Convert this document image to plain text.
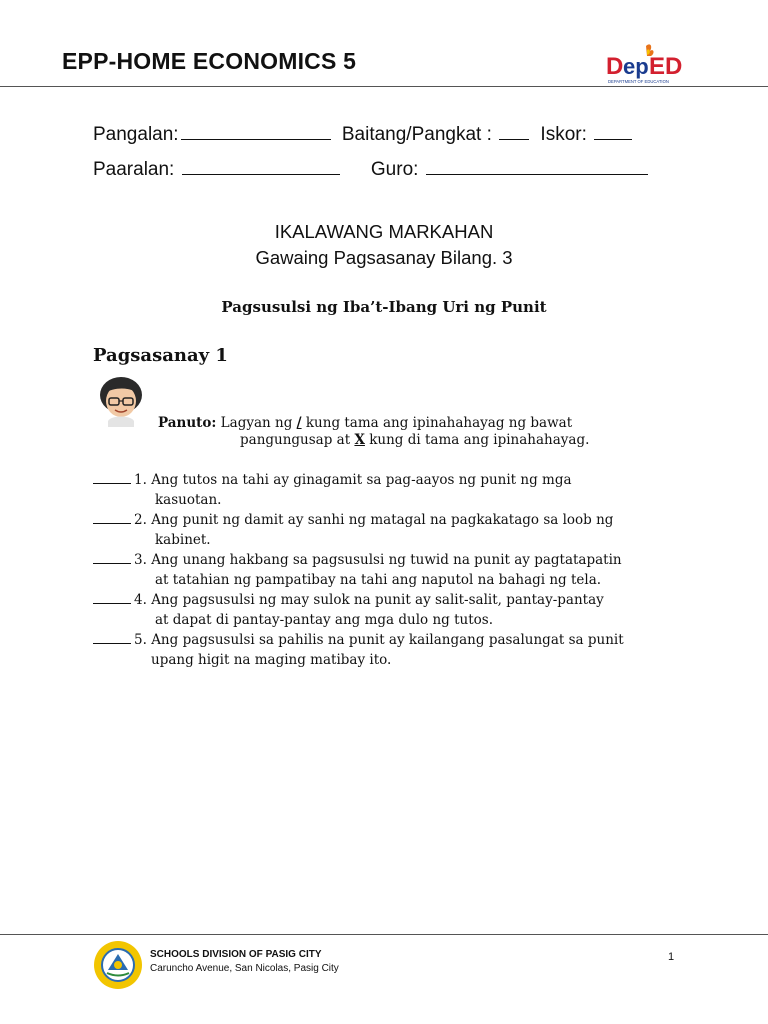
EPP-HOME ECONOMICS 5	D ep ED
DEPARTMENT OF EDUCATION
Pangalan:	Baitang/Pangkat :	Iskor:
Paaralan:	Guro:
IKALAWANG MARKAHAN
Gawaing Pagsasanay Bilang. 3
Pagsusulsi ng Iba’t-Ibang Uri ng Punit
Pagsasanay 1
Panuto: Lagyan ng / kung tama ang ipinahahayag ng bawat
pangungusap at X kung di tama ang ipinahahayag.
1. Ang tutos na tahi ay ginagamit sa pag-aayos ng punit ng mga
kasuotan.
2. Ang punit ng damit ay sanhi ng matagal na pagkakatago sa loob ng
kabinet.
3. Ang unang hakbang sa pagsusulsi ng tuwid na punit ay pagtatapatin
at tatahian ng pampatibay na tahi ang naputol na bahagi ng tela.
4. Ang pagsusulsi ng may sulok na punit ay salit-salit, pantay-pantay
at dapat di pantay-pantay ang mga dulo ng tutos.
5. Ang pagsusulsi sa pahilis na punit ay kailangang pasalungat sa punit
upang higit na maging matibay ito.
SCHOOLS DIVISION OF PASIG CITY
Caruncho Avenue, San Nicolas, Pasig City
1
